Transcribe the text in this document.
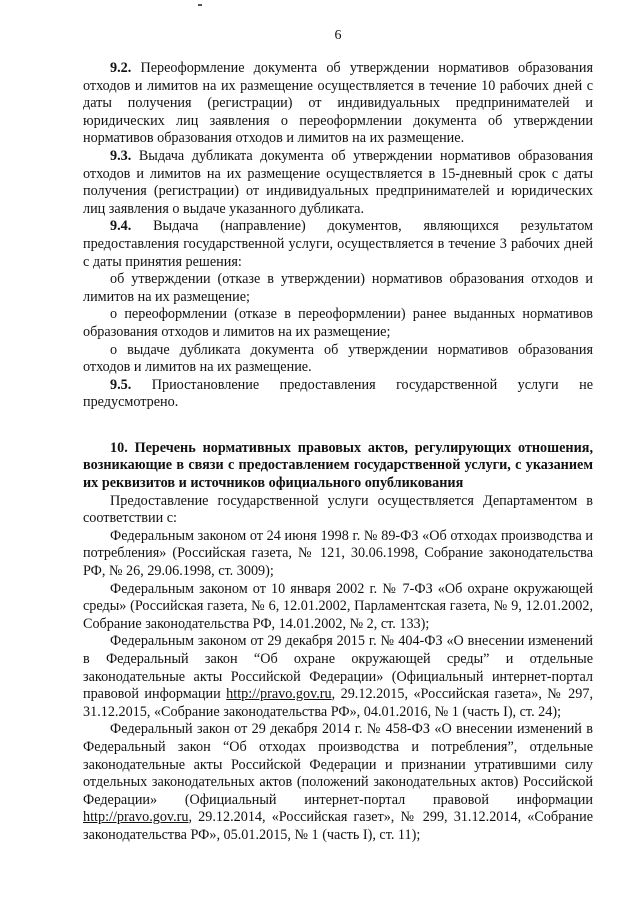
6

9.2. Переоформление документа об утверждении нормативов образования отходов и лимитов на их размещение осуществляется в течение 10 рабочих дней с даты получения (регистрации) от индивидуальных предпринимателей и юридических лиц заявления о переоформлении документа об утверждении нормативов образования отходов и лимитов на их размещение.

9.3. Выдача дубликата документа об утверждении нормативов образования отходов и лимитов на их размещение осуществляется в 15-дневный срок с даты получения (регистрации) от индивидуальных предпринимателей и юридических лиц заявления о выдаче указанного дубликата.

9.4. Выдача (направление) документов, являющихся результатом предоставления государственной услуги, осуществляется в течение 3 рабочих дней с даты принятия решения:

об утверждении (отказе в утверждении) нормативов образования отходов и лимитов на их размещение;

о переоформлении (отказе в переоформлении) ранее выданных нормативов образования отходов и лимитов на их размещение;

о выдаче дубликата документа об утверждении нормативов образования отходов и лимитов на их размещение.

9.5. Приостановление предоставления государственной услуги не предусмотрено.

10. Перечень нормативных правовых актов, регулирующих отношения, возникающие в связи с предоставлением государственной услуги, с указанием их реквизитов и источников официального опубликования

Предоставление государственной услуги осуществляется Департаментом в соответствии с:

Федеральным законом от 24 июня 1998 г. № 89-ФЗ «Об отходах производства и потребления» (Российская газета, № 121, 30.06.1998, Собрание законодательства РФ, № 26, 29.06.1998, ст. 3009);

Федеральным законом от 10 января 2002 г. № 7-ФЗ «Об охране окружающей среды» (Российская газета, № 6, 12.01.2002, Парламентская газета, № 9, 12.01.2002, Собрание законодательства РФ, 14.01.2002, № 2, ст. 133);

Федеральным законом от 29 декабря 2015 г. № 404-ФЗ «О внесении изменений в Федеральный закон “Об охране окружающей среды” и отдельные законодательные акты Российской Федерации» (Официальный интернет-портал правовой информации http://pravo.gov.ru, 29.12.2015, «Российская газета», № 297, 31.12.2015, «Собрание законодательства РФ», 04.01.2016, № 1 (часть I), ст. 24);

Федеральный закон от 29 декабря 2014 г. № 458-ФЗ «О внесении изменений в Федеральный закон “Об отходах производства и потребления”, отдельные законодательные акты Российской Федерации и признании утратившими силу отдельных законодательных актов (положений законодательных актов) Российской Федерации» (Официальный интернет-портал правовой информации http://pravo.gov.ru, 29.12.2014, «Российская газет», № 299, 31.12.2014, «Собрание законодательства РФ», 05.01.2015, № 1 (часть I), ст. 11);
